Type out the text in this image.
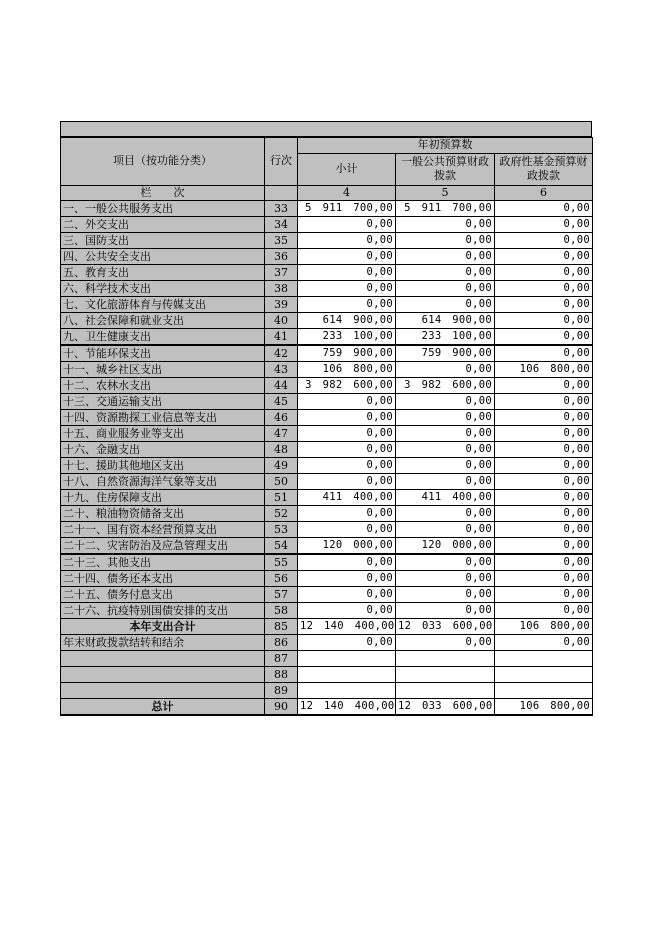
项目（按功能分类）	行次	年初预算数		
		小计	一般公共预算财政拨款	政府性基金预算财政拨款

栏　　次		4	5	6
一、一般公共服务支出	33	5　911　700,00	5　911　700,00	0,00
二、外交支出	34	0,00	0,00	0,00
三、国防支出	35	0,00	0,00	0,00
四、公共安全支出	36	0,00	0,00	0,00
五、教育支出	37	0,00	0,00	0,00
六、科学技术支出	38	0,00	0,00	0,00
七、文化旅游体育与传媒支出	39	0,00	0,00	0,00
八、社会保障和就业支出	40	614　900,00	614　900,00	0,00
九、卫生健康支出	41	233　100,00	233　100,00	0,00
十、节能环保支出	42	759　900,00	759　900,00	0,00
十一、城乡社区支出	43	106　800,00	0,00	106　800,00
十二、农林水支出	44	3　982　600,00	3　982　600,00	0,00
十三、交通运输支出	45	0,00	0,00	0,00
十四、资源勘探工业信息等支出	46	0,00	0,00	0,00
十五、商业服务业等支出	47	0,00	0,00	0,00
十六、金融支出	48	0,00	0,00	0,00
十七、援助其他地区支出	49	0,00	0,00	0,00
十八、自然资源海洋气象等支出	50	0,00	0,00	0,00
十九、住房保障支出	51	411　400,00	411　400,00	0,00
二十、粮油物资储备支出	52	0,00	0,00	0,00
二十一、国有资本经营预算支出	53	0,00	0,00	0,00
二十二、灾害防治及应急管理支出	54	120　000,00	120　000,00	0,00
二十三、其他支出	55	0,00	0,00	0,00
二十四、债务还本支出	56	0,00	0,00	0,00
二十五、债务付息支出	57	0,00	0,00	0,00
二十六、抗疫特别国债安排的支出	58	0,00	0,00	0,00
本年支出合计	85	12　140　400,00	12　033　600,00	106　800,00
年末财政拨款结转和结余	86	0,00	0,00	0,00
	87			
	88			
	89			
总计	90	12　140　400,00	12　033　600,00	106　800,00
